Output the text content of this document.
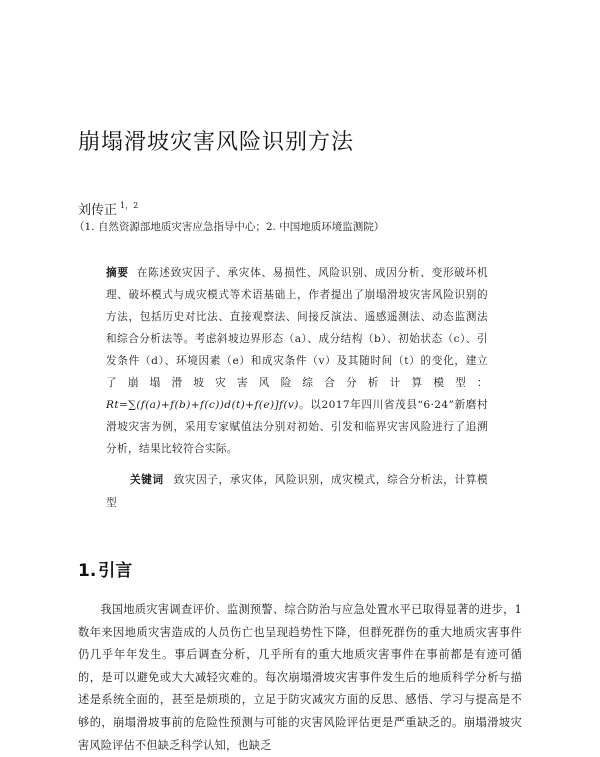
崩塌滑坡灾害风险识别方法
刘传正 $^{1,2}$
（1. 自然资源部地质灾害应急指导中心；2. 中国地质环境监测院）
摘要 在陈述致灾因子、承灾体、易损性、风险识别、成因分析、变形破坏机理、破坏模式与成灾模式等术语基础上，作者提出了崩塌滑坡灾害风险识别的方法，包括历史对比法、直接观察法、间接反演法、遥感遥测法、动态监测法和综合分析法等。考虑斜坡边界形态（a）、成分结构（b）、初始状态（c）、引发条件（d）、环境因素（e）和成灾条件（v）及其随时间（t）的变化，建立了崩塌滑坡灾害风险综合分析计算模型：Rt=∑(f(a)+f(b)+f(c))d(t)+f(e)]f(v)。以2017年四川省茂县“6·24”新磨村滑坡灾害为例，采用专家赋值法分别对初始、引发和临界灾害风险进行了追溯分析，结果比较符合实际。
关键词 致灾因子，承灾体，风险识别，成灾模式，综合分析法，计算模型
1. 引言
我国地质灾害调查评价、监测预警、综合防治与应急处置水平已取得显著的进步，1数年来因地质灾害造成的人员伤亡也呈现趋势性下降，但群死群伤的重大地质灾害事件仍几乎年年发生。事后调查分析，几乎所有的重大地质灾害事件在事前都是有迹可循的，是可以避免或大大减轻灾难的。每次崩塌滑坡灾害事件发生后的地质科学分析与描述是系统全面的，甚至是烦琐的，立足于防灾减灾方面的反思、感悟、学习与提高是不够的，崩塌滑坡事前的危险性预测与可能的灾害风险评估更是严重缺乏的。崩塌滑坡灾害风险评估不但缺乏科学认知，也缺乏
